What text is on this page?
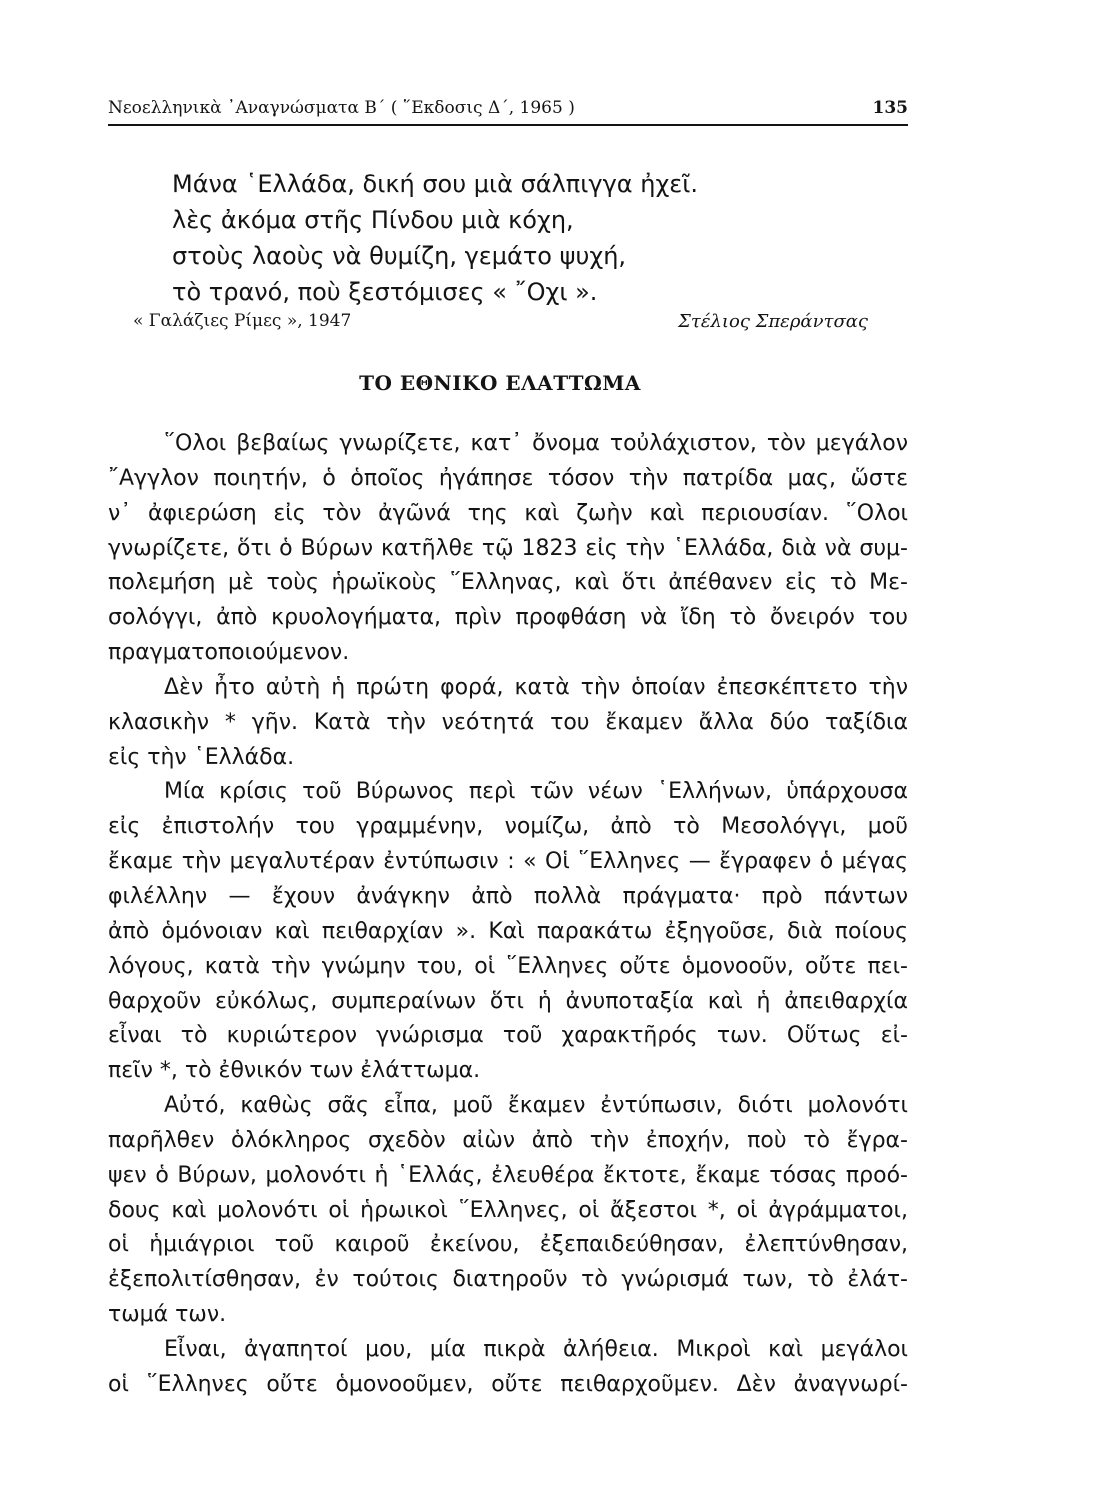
Νεοελληνικὰ ᾿Αναγνώσματα Β΄ ( ῞Εκδοσις Δ΄, 1965 )	135
Μάνα ῾Ελλάδα, δική σου μιὰ σάλπιγγα ἠχεῖ.
λὲς ἀκόμα στῆς Πίνδου μιὰ κόχη,
στοὺς λαοὺς νὰ θυμίζη, γεμάτο ψυχή,
τὸ τρανό, ποὺ ξεστόμισες « ῎Οχι ».
« Γαλάζιες Ρίμες », 1947	Στέλιος Σπεράντσας
ΤΟ ΕΘΝΙΚΟ ΕΛΑΤΤΩΜΑ
῞Ολοι βεβαίως γνωρίζετε, κατ᾿ ὄνομα τοὐλάχιστον, τὸν μεγάλον
῎Αγγλον ποιητήν, ὁ ὁποῖος ἠγάπησε τόσον τὴν πατρίδα μας, ὥστε
ν᾿ ἀφιερώση εἰς τὸν ἀγῶνά της καὶ ζωὴν καὶ περιουσίαν. ῞Ολοι
γνωρίζετε, ὅτι ὁ Βύρων κατῆλθε τῷ 1823 εἰς τὴν ῾Ελλάδα, διὰ νὰ συμ-
πολεμήση μὲ τοὺς ἡρωϊκοὺς ῞Ελληνας, καὶ ὅτι ἀπέθανεν εἰς τὸ Με-
σολόγγι, ἀπὸ κρυολογήματα, πρὶν προφθάση νὰ ἴδη τὸ ὄνειρόν του
πραγματοποιούμενον.
Δὲν ἦτο αὐτὴ ἡ πρώτη φορά, κατὰ τὴν ὁποίαν ἐπεσκέπτετο τὴν
κλασικὴν * γῆν. Κατὰ τὴν νεότητά του ἔκαμεν ἄλλα δύο ταξίδια
εἰς τὴν ῾Ελλάδα.
Μία κρίσις τοῦ Βύρωνος περὶ τῶν νέων ῾Ελλήνων, ὑπάρχουσα
εἰς ἐπιστολήν του γραμμένην, νομίζω, ἀπὸ τὸ Μεσολόγγι, μοῦ
ἔκαμε τὴν μεγαλυτέραν ἐντύπωσιν : « Οἱ ῞Ελληνες — ἔγραφεν ὁ μέγας
φιλέλλην — ἔχουν ἀνάγκην ἀπὸ πολλὰ πράγματα· πρὸ πάντων
ἀπὸ ὁμόνοιαν καὶ πειθαρχίαν ». Καὶ παρακάτω ἐξηγοῦσε, διὰ ποίους
λόγους, κατὰ τὴν γνώμην του, οἱ ῞Ελληνες οὔτε ὁμονοοῦν, οὔτε πει-
θαρχοῦν εὐκόλως, συμπεραίνων ὅτι ἡ ἀνυποταξία καὶ ἡ ἀπειθαρχία
εἶναι τὸ κυριώτερον γνώρισμα τοῦ χαρακτῆρός των. Οὕτως εἰ-
πεῖν *, τὸ ἐθνικόν των ἐλάττωμα.
Αὐτό, καθὼς σᾶς εἶπα, μοῦ ἔκαμεν ἐντύπωσιν, διότι μολονότι
παρῆλθεν ὁλόκληρος σχεδὸν αἰὼν ἀπὸ τὴν ἐποχήν, ποὺ τὸ ἔγρα-
ψεν ὁ Βύρων, μολονότι ἡ ῾Ελλάς, ἐλευθέρα ἔκτοτε, ἔκαμε τόσας προό-
δους καὶ μολονότι οἱ ἡρωικοὶ ῞Ελληνες, οἱ ἄξεστοι *, οἱ ἀγράμματοι,
οἱ ἡμιάγριοι τοῦ καιροῦ ἐκείνου, ἐξεπαιδεύθησαν, ἐλεπτύνθησαν,
ἐξεπολιτίσθησαν, ἐν τούτοις διατηροῦν τὸ γνώρισμά των, τὸ ἐλάτ-
τωμά των.
Εἶναι, ἀγαπητοί μου, μία πικρὰ ἀλήθεια. Μικροὶ καὶ μεγάλοι
οἱ ῞Ελληνες οὔτε ὁμονοοῦμεν, οὔτε πειθαρχοῦμεν. Δὲν ἀναγνωρί-
